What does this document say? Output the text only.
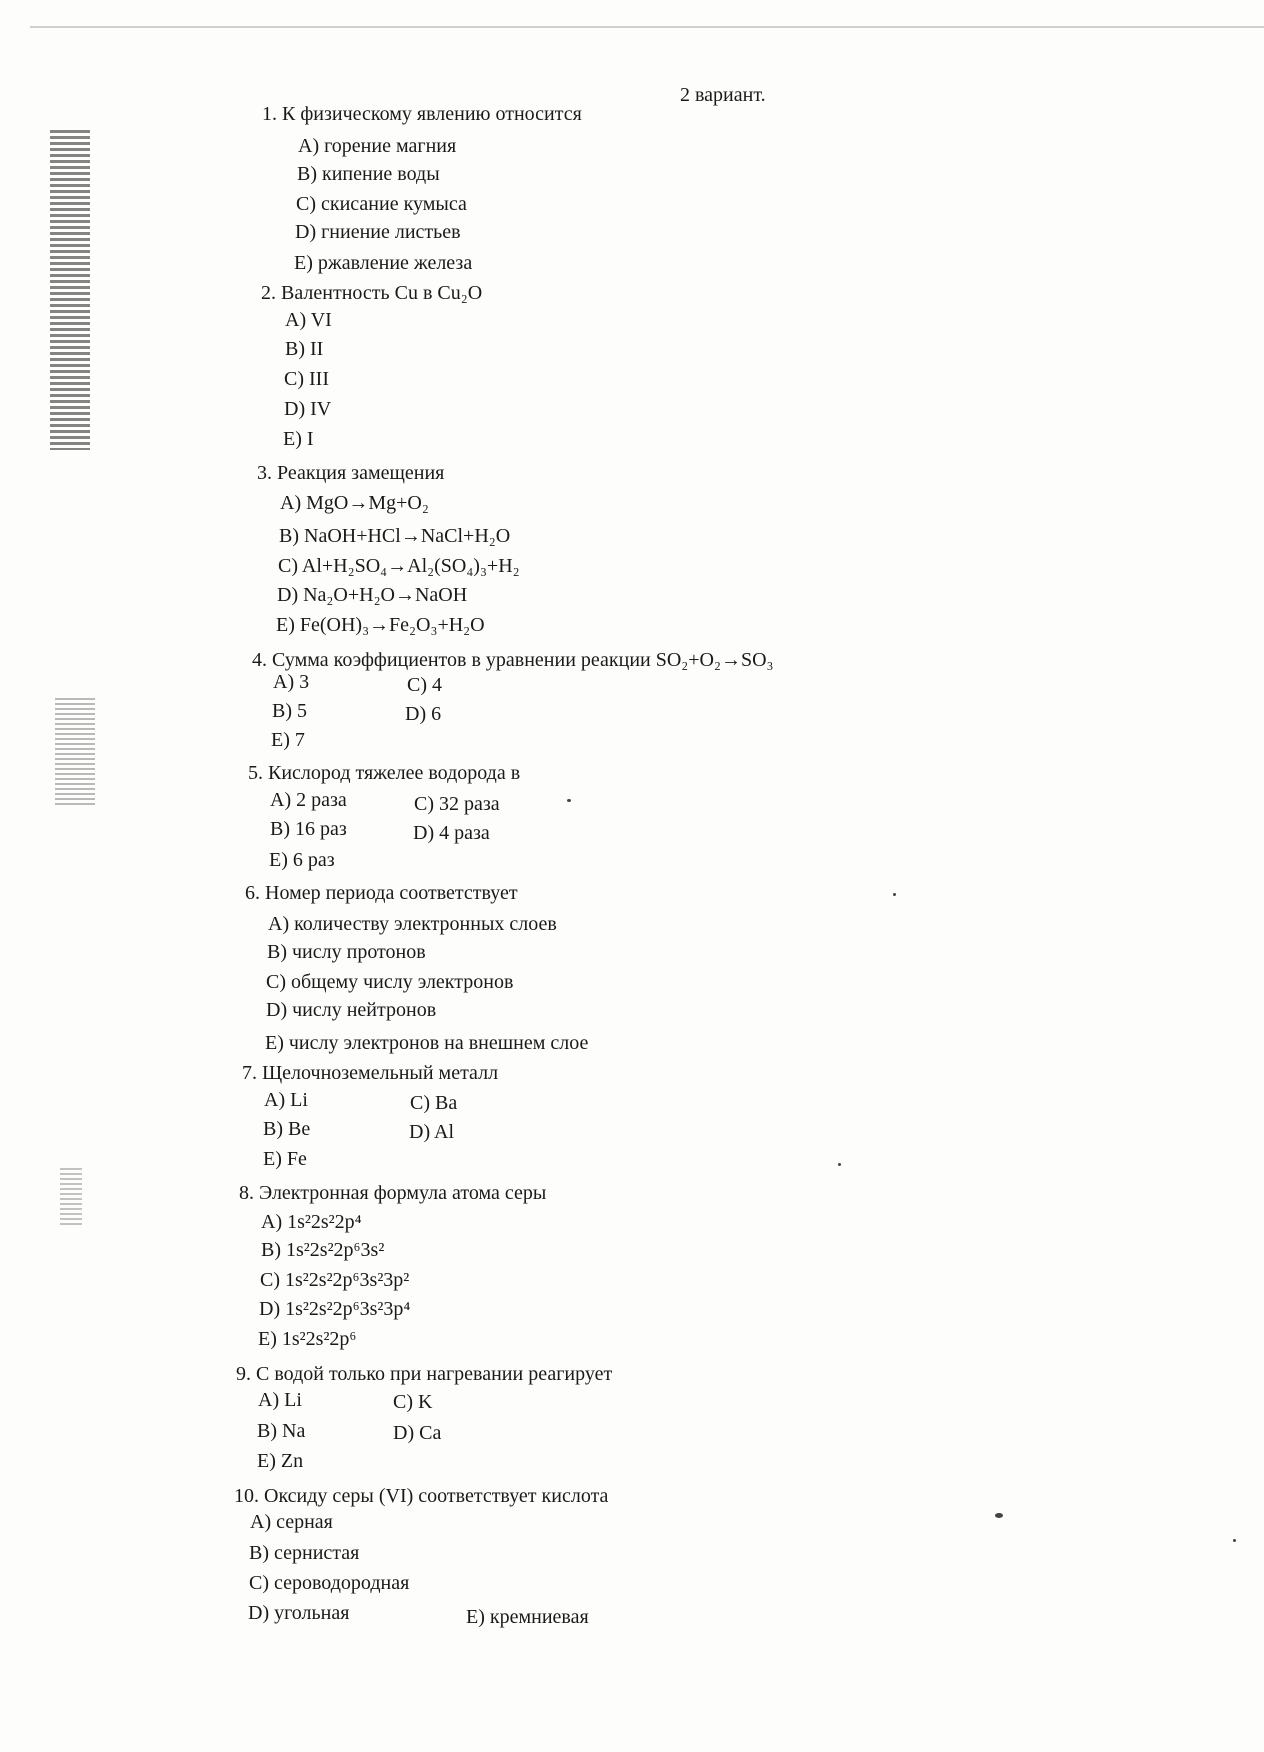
2 вариант.
1. К физическому явлению относится
A) горение магния
B) кипение воды
C) скисание кумыса
D) гниение листьев
E) ржавление железа
2. Валентность Cu в Cu₂O
A) VI
B) II
C) III
D) IV
E) I
3. Реакция замещения
A) MgO→Mg+O₂
B) NaOH+HCl→NaCl+H₂O
C) Al+H₂SO₄→Al₂(SO₄)₃+H₂
D) Na₂O+H₂O→NaOH
E) Fe(OH)₃→Fe₂O₃+H₂O
4. Сумма коэффициентов в уравнении реакции SO₂+O₂→SO₃
A) 3	C) 4
B) 5	D) 6
E) 7
5. Кислород тяжелее водорода в
A) 2 раза	C) 32 раза
B) 16 раз	D) 4 раза
E) 6 раз
6. Номер периода соответствует
A) количеству электронных слоев
B) числу протонов
C) общему числу электронов
D) числу нейтронов
E) числу электронов на внешнем слое
7. Щелочноземельный металл
A) Li	C) Ba
B) Be	D) Al
E) Fe
8. Электронная формула атома серы
A) 1s²2s²2p⁴
B) 1s²2s²2p⁶3s²
C) 1s²2s²2p⁶3s²3p²
D) 1s²2s²2p⁶3s²3p⁴
E) 1s²2s²2p⁶
9. С водой только при нагревании реагирует
A) Li	C) K
B) Na	D) Ca
E) Zn
10. Оксиду серы (VI) соответствует кислота
A) серная
B) сернистая
C) сероводородная
D) угольная	E) кремниевая
